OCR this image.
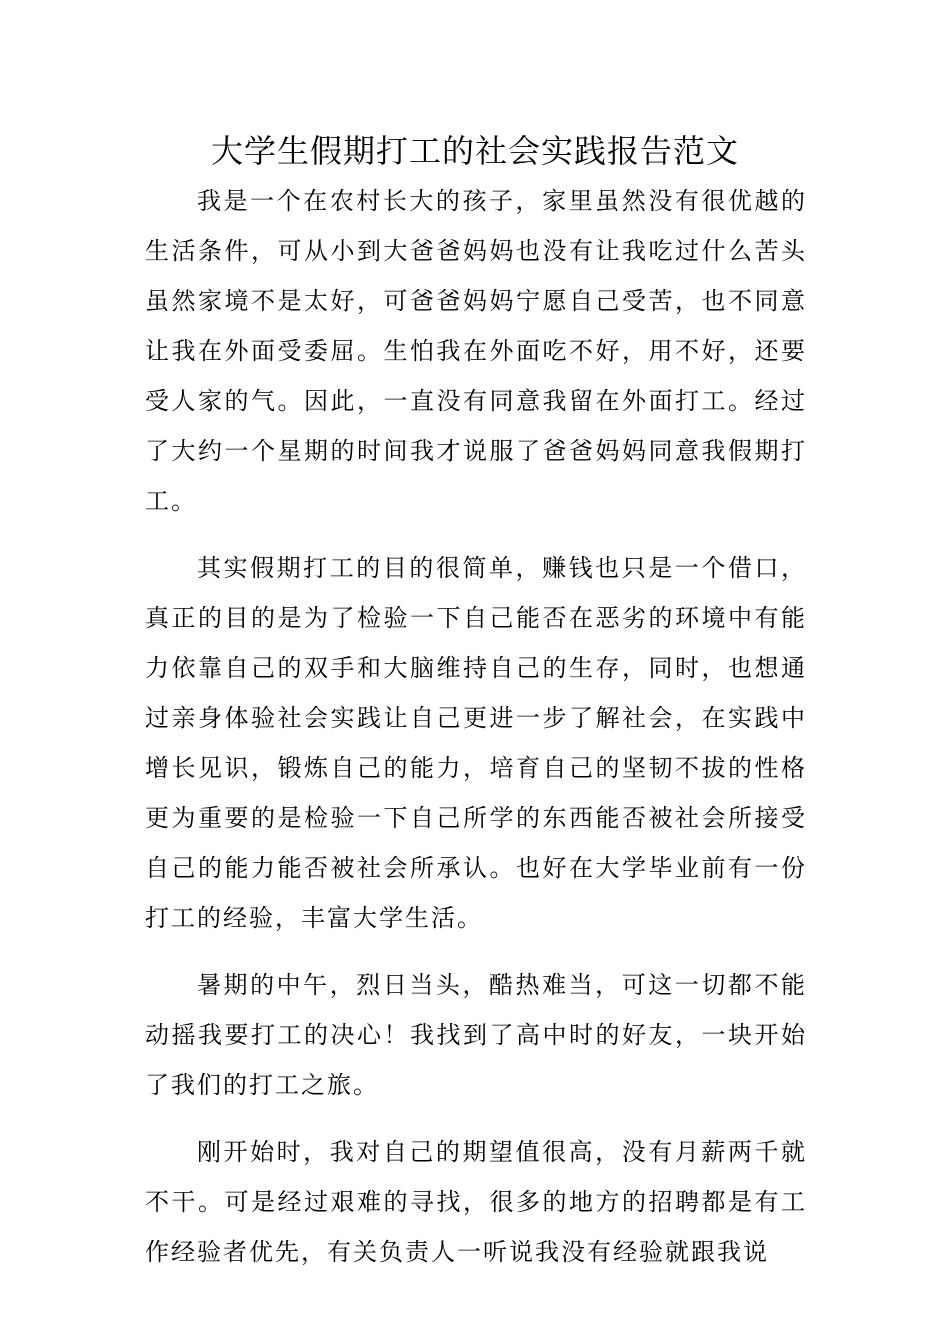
大学生假期打工的社会实践报告范文

我是一个在农村长大的孩子，家里虽然没有很优越的生活条件，可从小到大爸爸妈妈也没有让我吃过什么苦头虽然家境不是太好，可爸爸妈妈宁愿自己受苦，也不同意让我在外面受委屈。生怕我在外面吃不好，用不好，还要受人家的气。因此，一直没有同意我留在外面打工。经过了大约一个星期的时间我才说服了爸爸妈妈同意我假期打工。

其实假期打工的目的很简单，赚钱也只是一个借口，真正的目的是为了检验一下自己能否在恶劣的环境中有能力依靠自己的双手和大脑维持自己的生存，同时，也想通过亲身体验社会实践让自己更进一步了解社会，在实践中增长见识，锻炼自己的能力，培育自己的坚韧不拔的性格更为重要的是检验一下自己所学的东西能否被社会所接受自己的能力能否被社会所承认。也好在大学毕业前有一份打工的经验，丰富大学生活。

暑期的中午，烈日当头，酷热难当，可这一切都不能动摇我要打工的决心！我找到了高中时的好友，一块开始了我们的打工之旅。

刚开始时，我对自己的期望值很高，没有月薪两千就不干。可是经过艰难的寻找，很多的地方的招聘都是有工作经验者优先，有关负责人一听说我没有经验就跟我说
